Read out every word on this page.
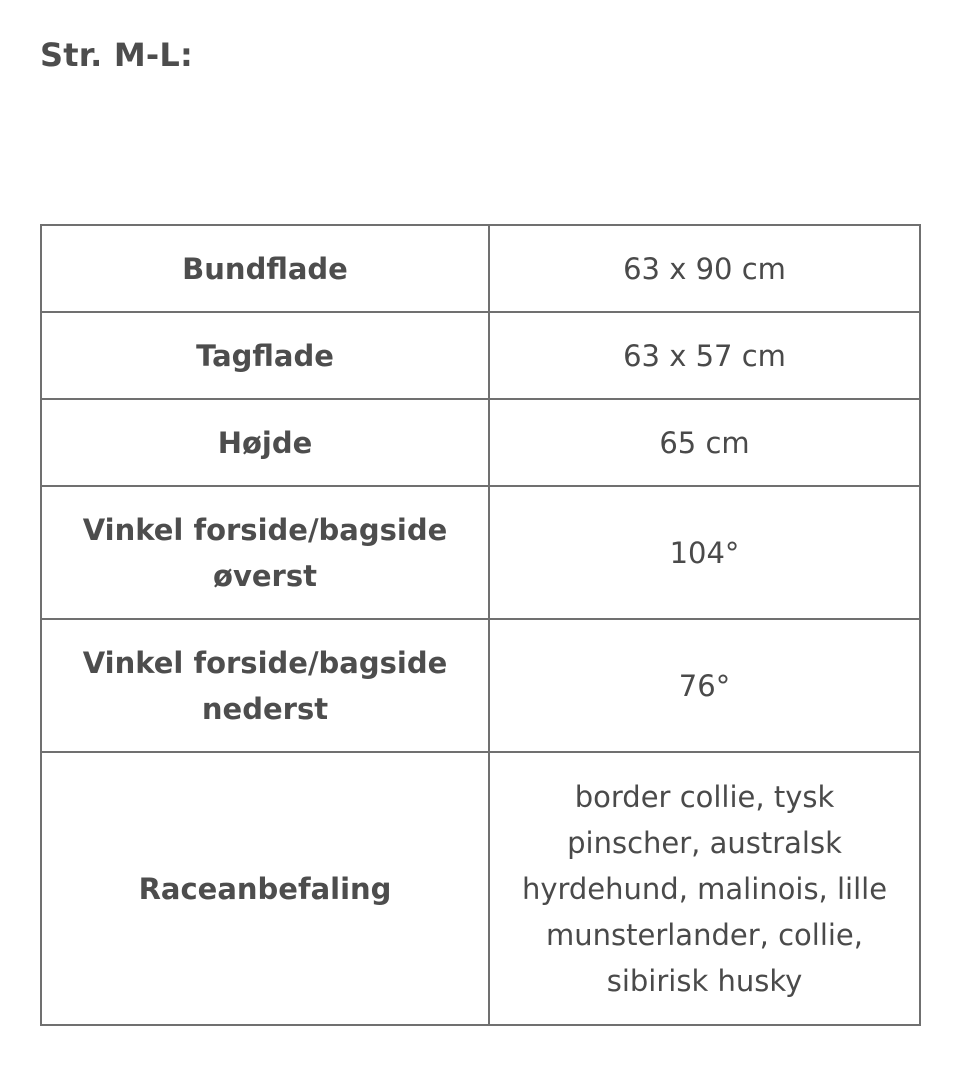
Str. M-L:
Bundflade	63 x 90 cm
Tagflade	63 x 57 cm
Højde	65 cm
Vinkel forside/bagside øverst	104°
Vinkel forside/bagside nederst	76°
Raceanbefaling	border collie, tysk pinscher, australsk hyrdehund, malinois, lille munsterlander, collie, sibirisk husky
